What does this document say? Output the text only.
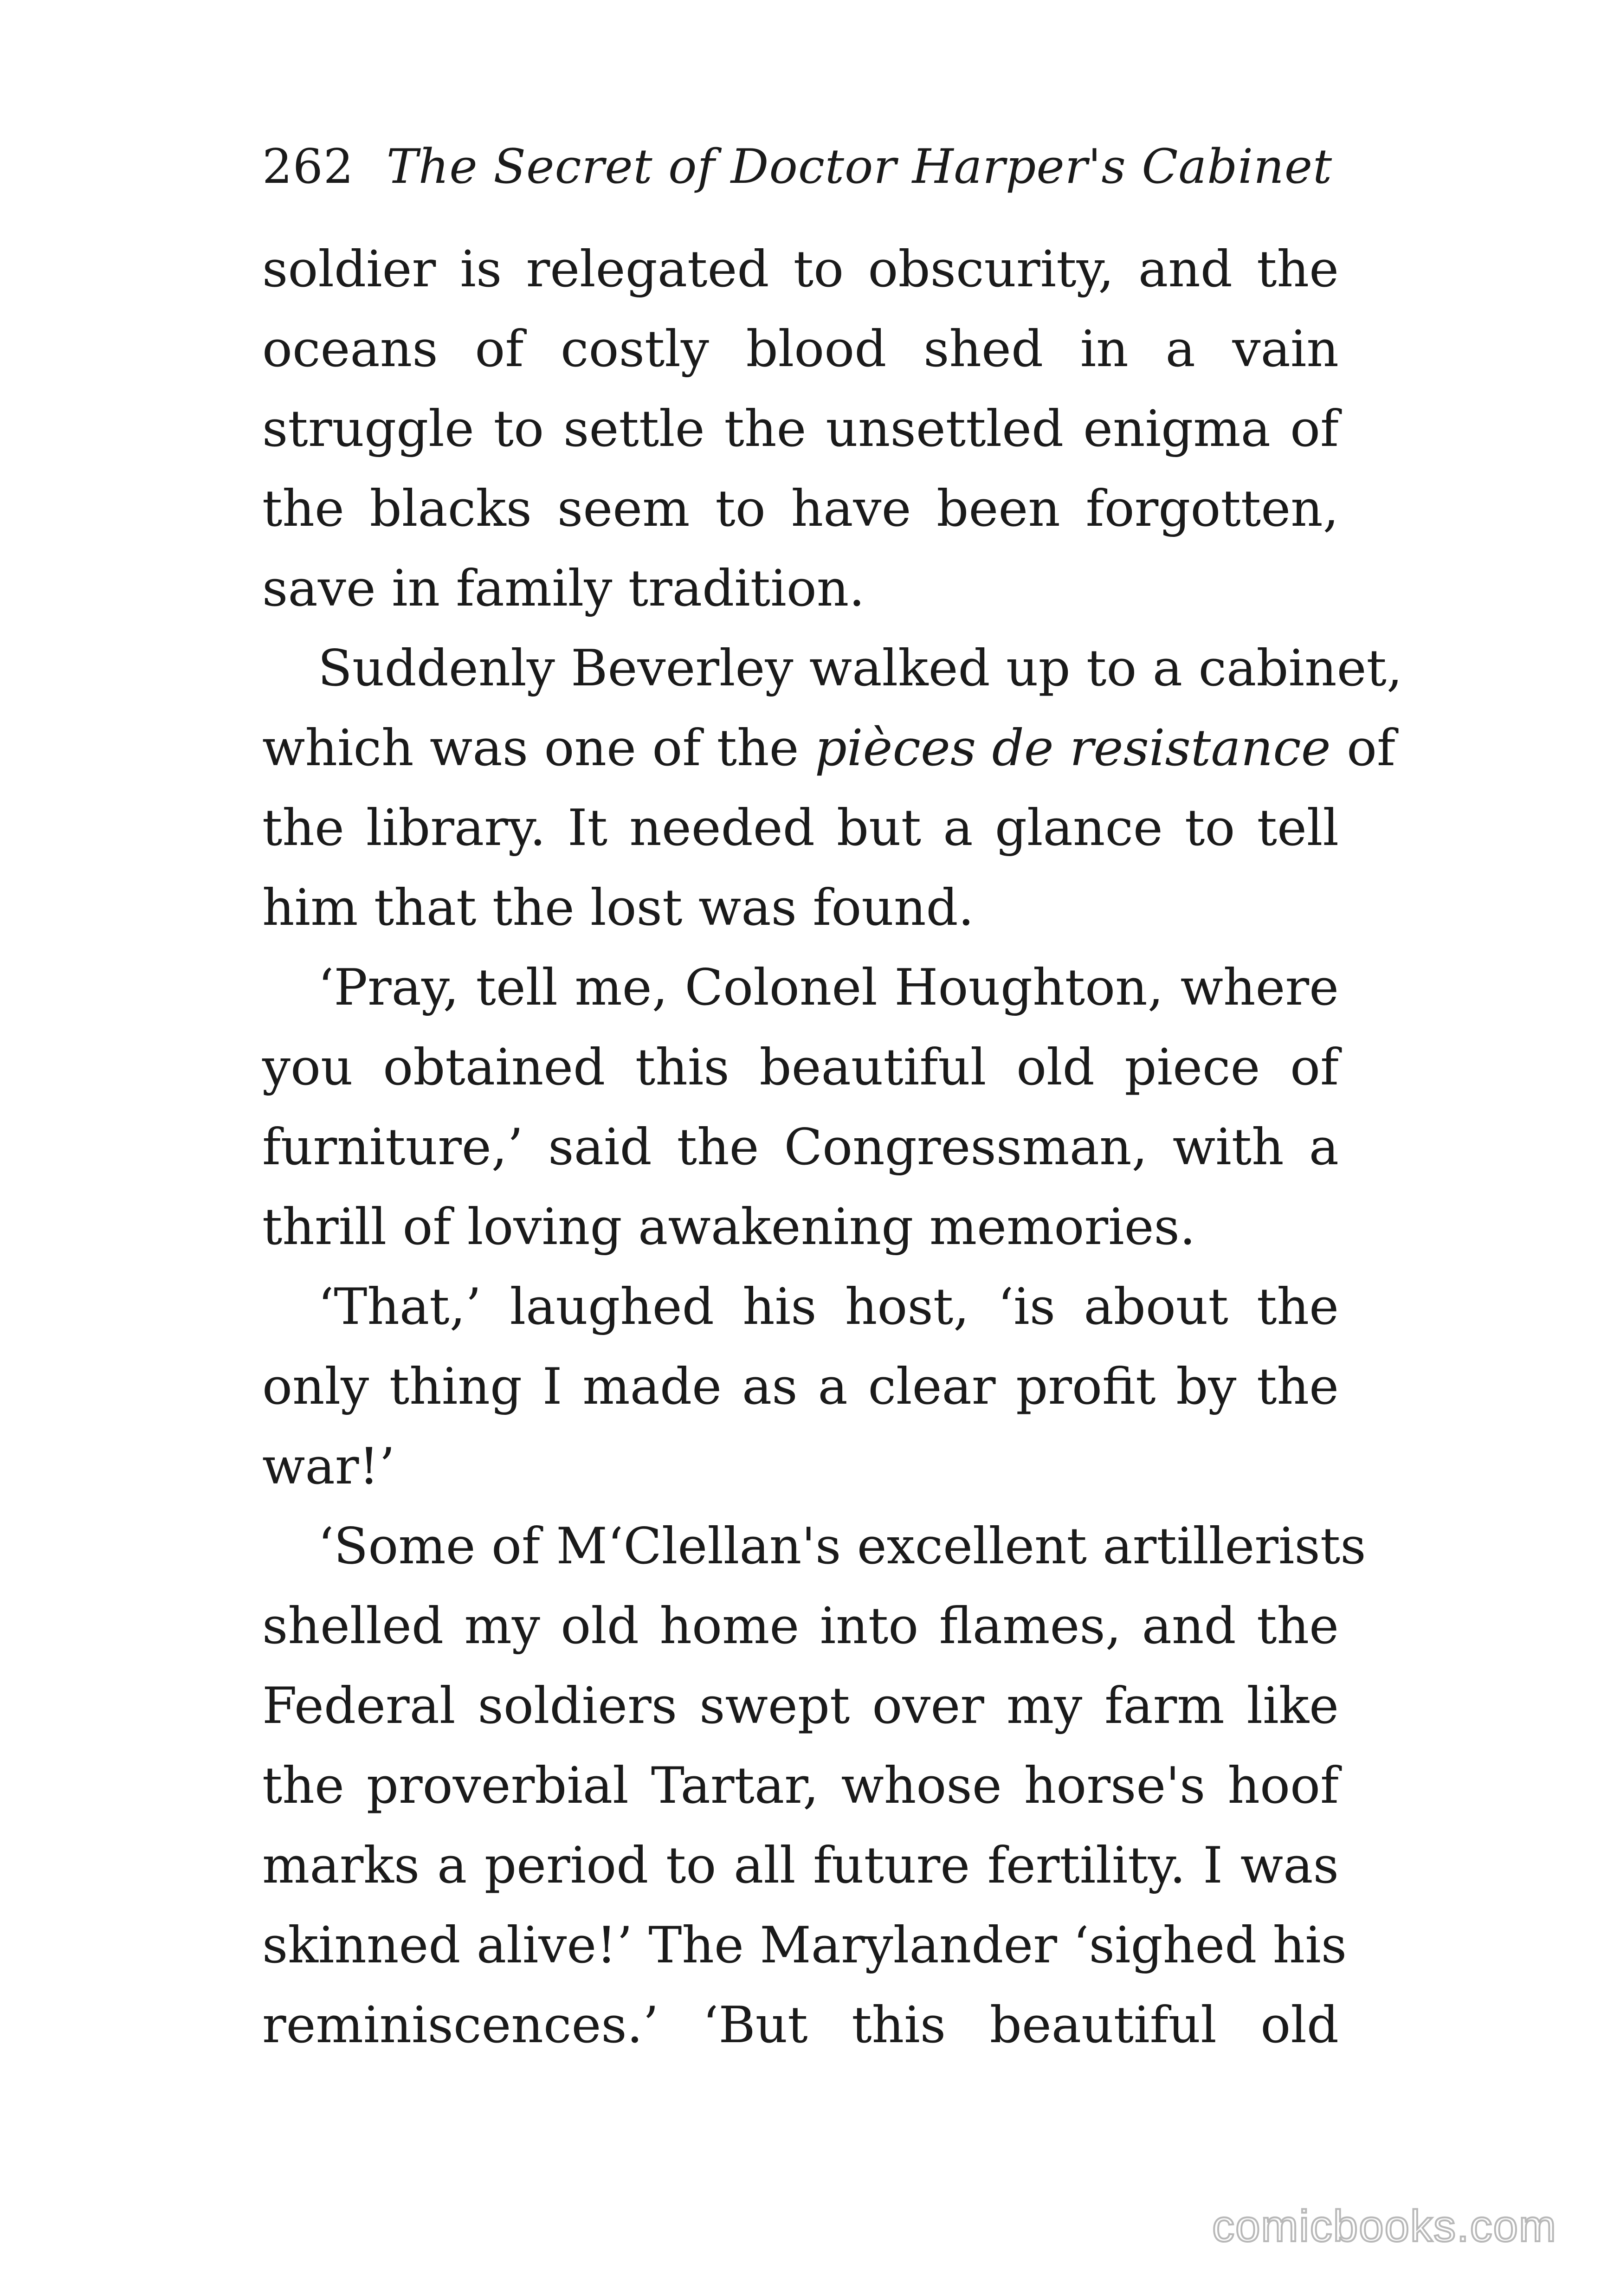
262 The Secret of Doctor Harper's Cabinet
soldier is relegated to obscurity, and the
oceans of costly blood shed in a vain
struggle to settle the unsettled enigma of
the blacks seem to have been forgotten,
save in family tradition.
Suddenly Beverley walked up to a cabinet,
which was one of the pièces de resistance of
the library. It needed but a glance to tell
him that the lost was found.
‘Pray, tell me, Colonel Houghton, where
you obtained this beautiful old piece of
furniture,’ said the Congressman, with a
thrill of loving awakening memories.
‘That,’ laughed his host, ‘is about the
only thing I made as a clear profit by the
war!’
‘Some of M‘Clellan's excellent artillerists
shelled my old home into flames, and the
Federal soldiers swept over my farm like
the proverbial Tartar, whose horse's hoof
marks a period to all future fertility. I was
skinned alive!’ The Marylander ‘sighed his
reminiscences.’ ‘But this beautiful old
comicbooks.com
